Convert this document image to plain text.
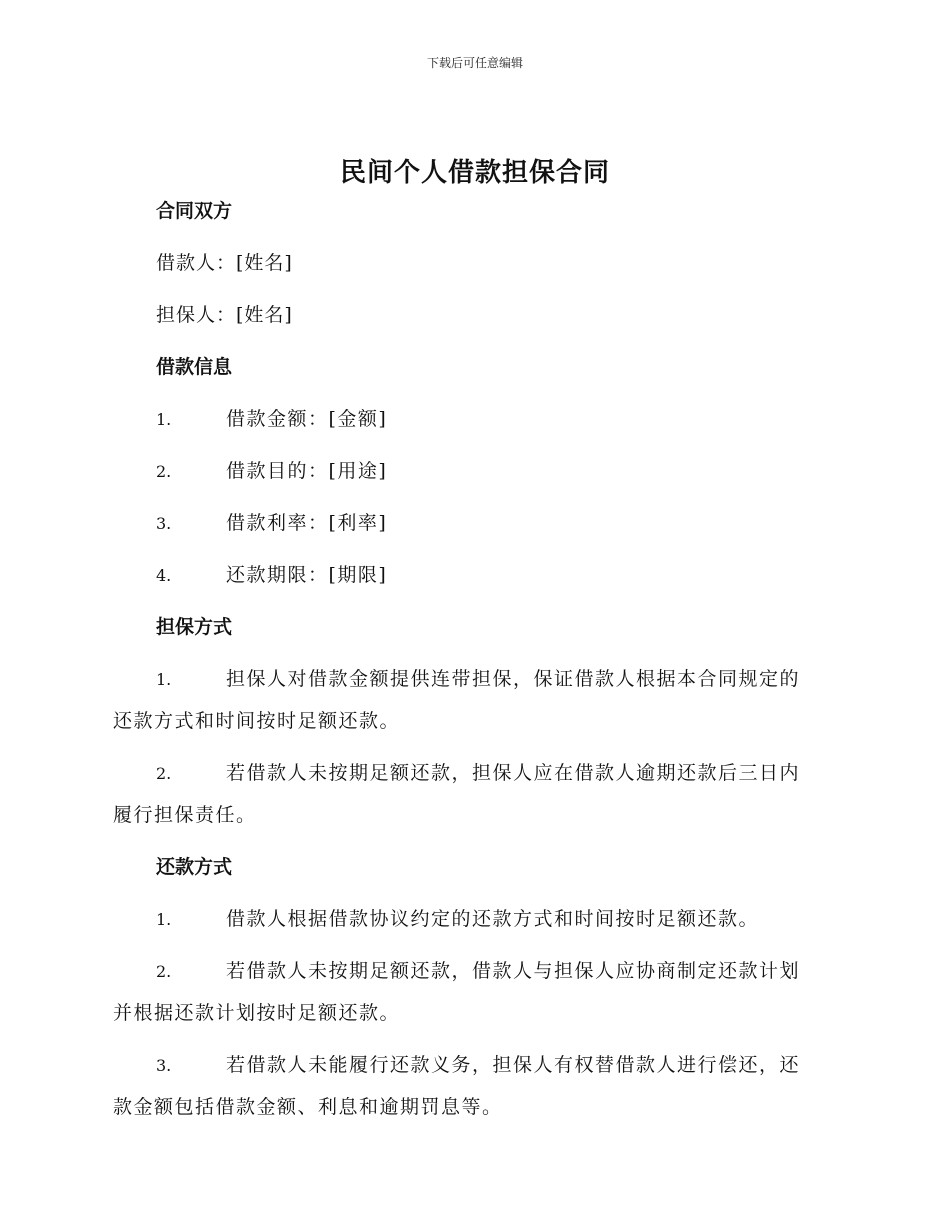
下载后可任意编辑
民间个人借款担保合同
合同双方
借款人：[姓名]
担保人：[姓名]
借款信息
1.	借款金额：[金额]
2.	借款目的：[用途]
3.	借款利率：[利率]
4.	还款期限：[期限]
担保方式
1.	担保人对借款金额提供连带担保，保证借款人根据本合同规定的
还款方式和时间按时足额还款。
2.	若借款人未按期足额还款，担保人应在借款人逾期还款后三日内
履行担保责任。
还款方式
1.	借款人根据借款协议约定的还款方式和时间按时足额还款。
2.	若借款人未按期足额还款，借款人与担保人应协商制定还款计划
并根据还款计划按时足额还款。
3.	若借款人未能履行还款义务，担保人有权替借款人进行偿还，还
款金额包括借款金额、利息和逾期罚息等。
